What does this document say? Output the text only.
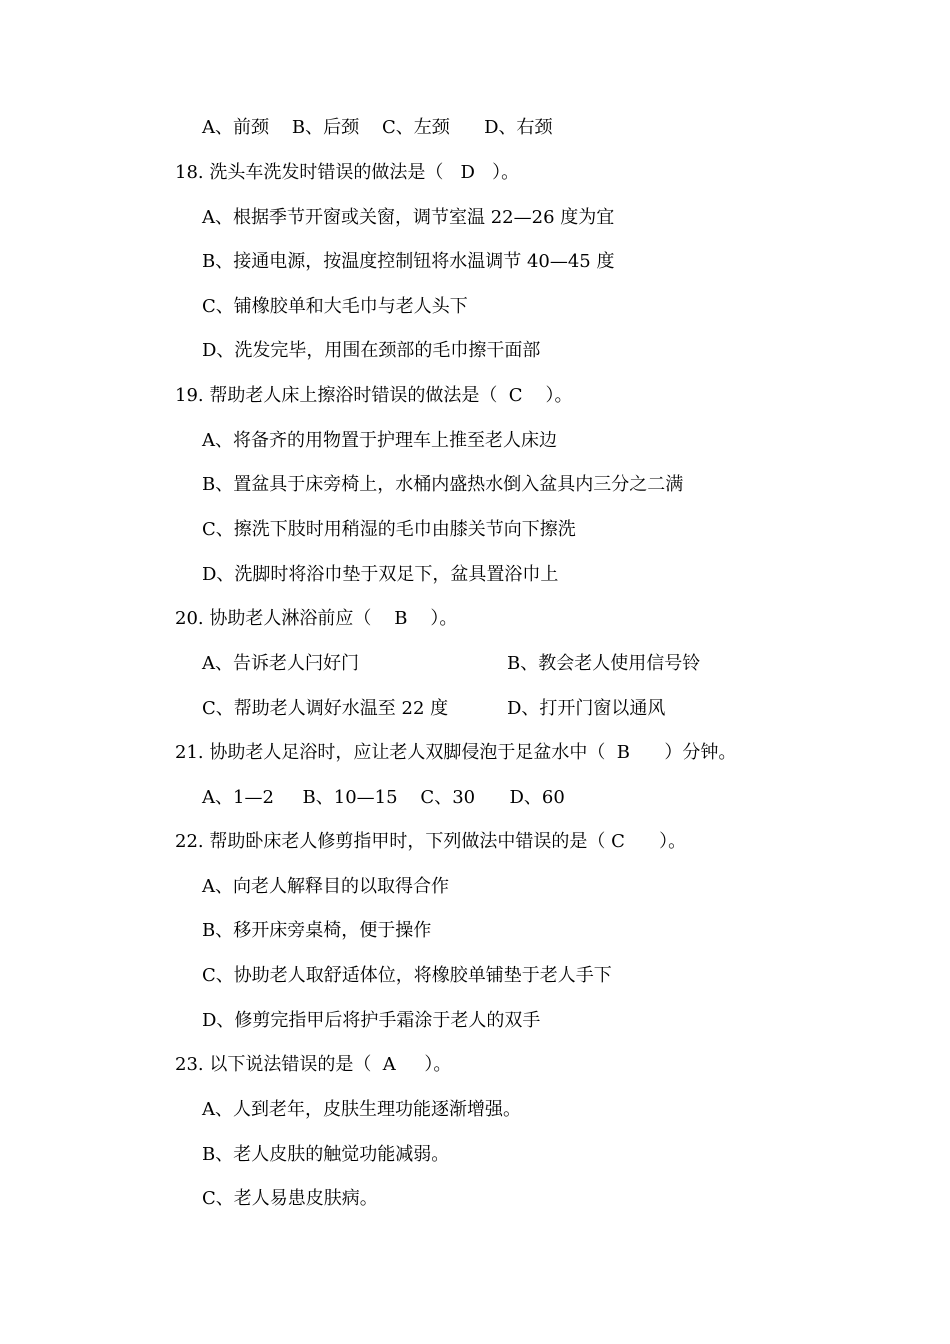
A、前颈    B、后颈    C、左颈      D、右颈
18. 洗头车洗发时错误的做法是（   D   ）。
A、根据季节开窗或关窗，调节室温 22—26 度为宜
B、接通电源，按温度控制钮将水温调节 40—45 度
C、铺橡胶单和大毛巾与老人头下
D、洗发完毕，用围在颈部的毛巾擦干面部
19. 帮助老人床上擦浴时错误的做法是（  C    ）。
A、将备齐的用物置于护理车上推至老人床边
B、置盆具于床旁椅上，水桶内盛热水倒入盆具内三分之二满
C、擦洗下肢时用稍湿的毛巾由膝关节向下擦洗
D、洗脚时将浴巾垫于双足下，盆具置浴巾上
20. 协助老人淋浴前应（    B    ）。
A、告诉老人闩好门	B、教会老人使用信号铃
C、帮助老人调好水温至 22 度	D、打开门窗以通风
21. 协助老人足浴时，应让老人双脚侵泡于足盆水中（  B      ）分钟。
A、1—2     B、10—15    C、30      D、60
22. 帮助卧床老人修剪指甲时，下列做法中错误的是（ C      ）。
A、向老人解释目的以取得合作
B、移开床旁桌椅，便于操作
C、协助老人取舒适体位，将橡胶单铺垫于老人手下
D、修剪完指甲后将护手霜涂于老人的双手
23. 以下说法错误的是（  A     ）。
A、人到老年，皮肤生理功能逐渐增强。
B、老人皮肤的触觉功能减弱。
C、老人易患皮肤病。
